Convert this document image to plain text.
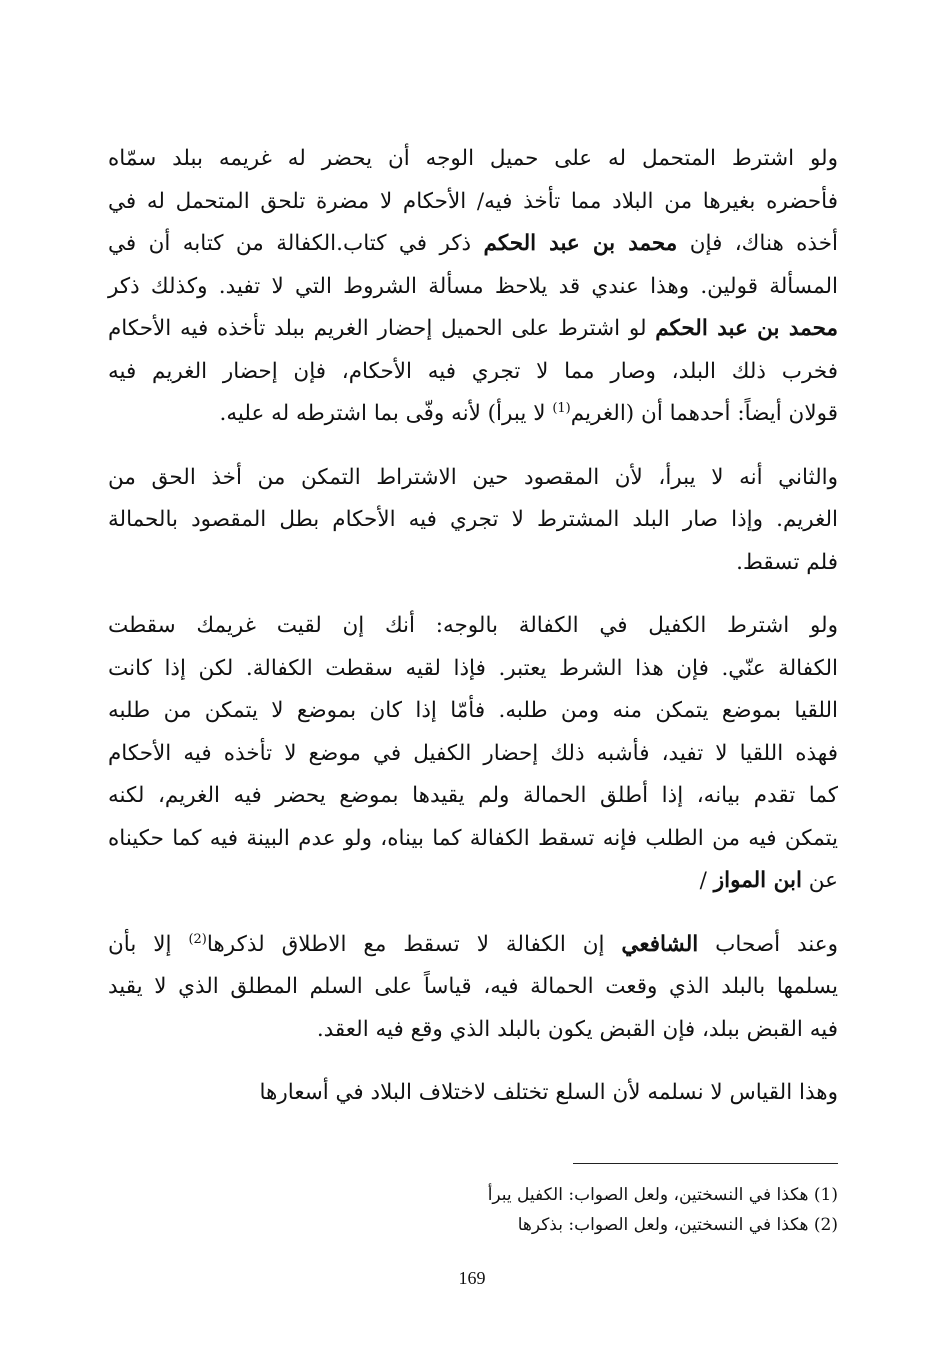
ولو اشترط المتحمل له على حميل الوجه أن يحضر له غريمه ببلد سمّاه
فأحضره بغيرها من البلاد مما تأخذ فيه/ الأحكام لا مضرة تلحق المتحمل له في
أخذه هناك، فإن محمد بن عبد الحكم ذكر في كتاب.الكفالة من كتابه أن في
المسألة قولين. وهذا عندي قد يلاحظ مسألة الشروط التي لا تفيد. وكذلك ذكر
محمد بن عبد الحكم لو اشترط على الحميل إحضار الغريم ببلد تأخذه فيه الأحكام
فخرب ذلك البلد، وصار مما لا تجري فيه الأحكام، فإن إحضار الغريم فيه
قولان أيضاً: أحدهما أن (الغريم$^{(1)}$ لا يبرأ) لأنه وفّى بما اشترطه له عليه.
والثاني أنه لا يبرأ، لأن المقصود حين الاشتراط التمكن من أخذ الحق من
الغريم. وإذا صار البلد المشترط لا تجري فيه الأحكام بطل المقصود بالحمالة
فلم تسقط.
ولو اشترط الكفيل في الكفالة بالوجه: أنك إن لقيت غريمك سقطت
الكفالة عنّي. فإن هذا الشرط يعتبر. فإذا لقيه سقطت الكفالة. لكن إذا كانت
اللقيا بموضع يتمكن منه ومن طلبه. فأمّا إذا كان بموضع لا يتمكن من طلبه
فهذه اللقيا لا تفيد، فأشبه ذلك إحضار الكفيل في موضع لا تأخذه فيه الأحكام
كما تقدم بيانه، إذا أطلق الحمالة ولم يقيدها بموضع يحضر فيه الغريم، لكنه
يتمكن فيه من الطلب فإنه تسقط الكفالة كما بيناه، ولو عدم البينة فيه كما حكيناه
عن ابن المواز /
وعند أصحاب الشافعي إن الكفالة لا تسقط مع الاطلاق لذكرها$^{(2)}$ إلا بأن
يسلمها بالبلد الذي وقعت الحمالة فيه، قياساً على السلم المطلق الذي لا يقيد
فيه القبض ببلد، فإن القبض يكون بالبلد الذي وقع فيه العقد.
وهذا القياس لا نسلمه لأن السلع تختلف لاختلاف البلاد في أسعارها
(1) هكذا في النسختين، ولعل الصواب: الكفيل يبرأ
(2) هكذا في النسختين، ولعل الصواب: بذكرها
169
